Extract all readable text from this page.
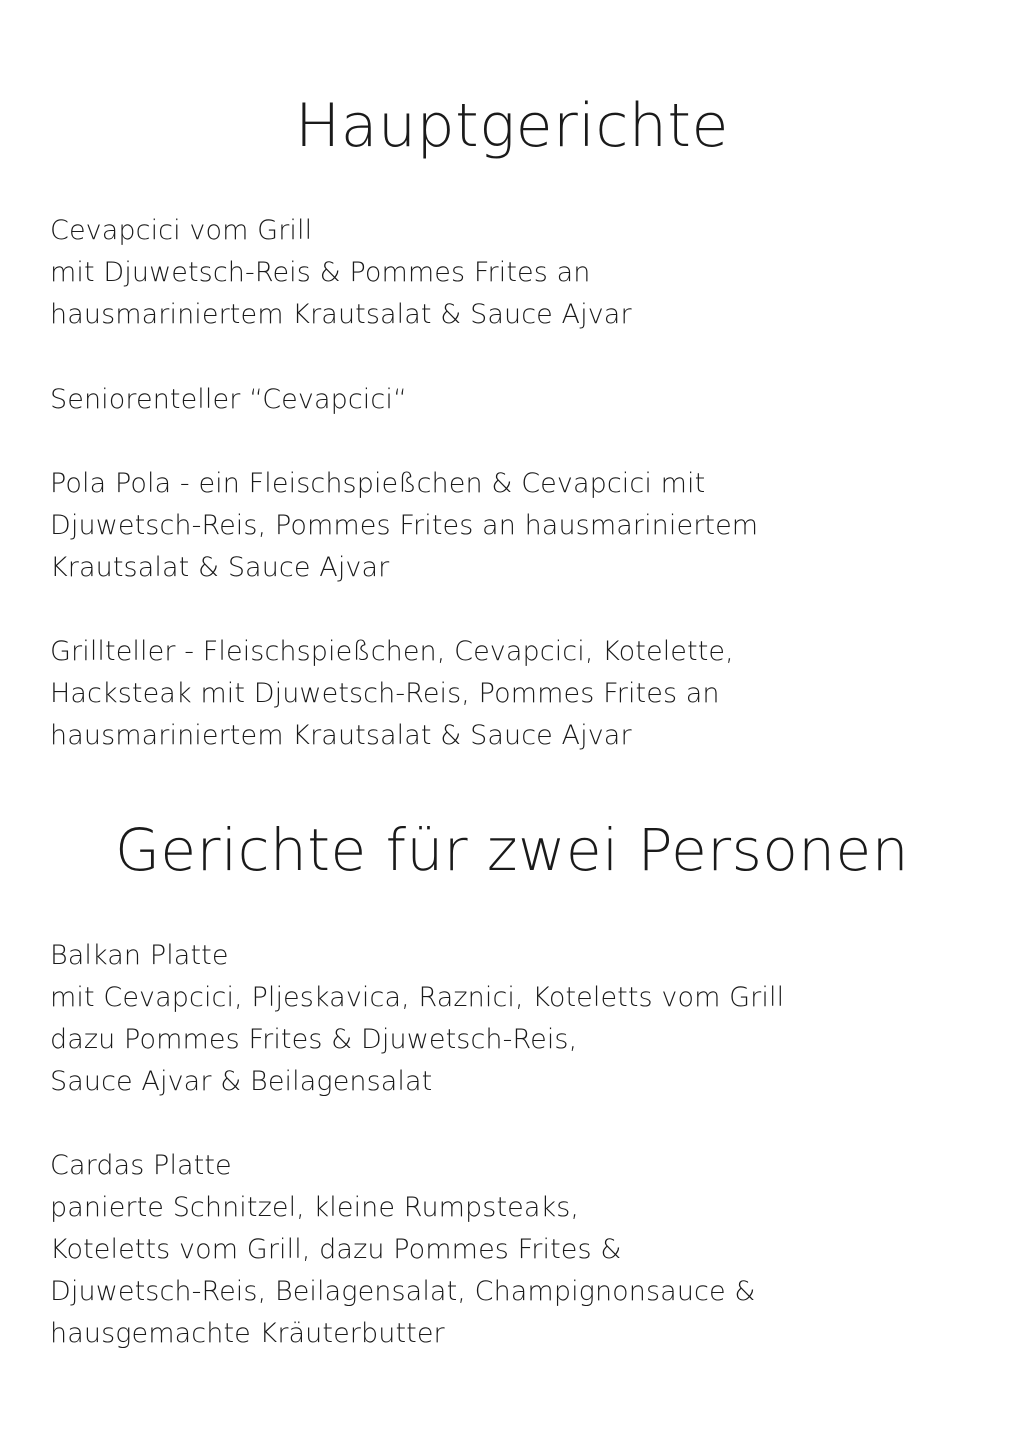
Hauptgerichte
Cevapcici vom Grill
mit Djuwetsch-Reis & Pommes Frites an
hausmariniertem Krautsalat & Sauce Ajvar
Seniorenteller “Cevapcici“
Pola Pola - ein Fleischspießchen & Cevapcici mit
Djuwetsch-Reis, Pommes Frites an hausmariniertem
Krautsalat & Sauce Ajvar
Grillteller - Fleischspießchen, Cevapcici, Kotelette,
Hacksteak mit Djuwetsch-Reis, Pommes Frites an
hausmariniertem Krautsalat & Sauce Ajvar
Gerichte für zwei Personen
Balkan Platte
mit Cevapcici, Pljeskavica, Raznici, Koteletts vom Grill
dazu Pommes Frites & Djuwetsch-Reis,
Sauce Ajvar & Beilagensalat
Cardas Platte
panierte Schnitzel, kleine Rumpsteaks,
Koteletts vom Grill, dazu Pommes Frites &
Djuwetsch-Reis, Beilagensalat, Champignonsauce &
hausgemachte Kräuterbutter
